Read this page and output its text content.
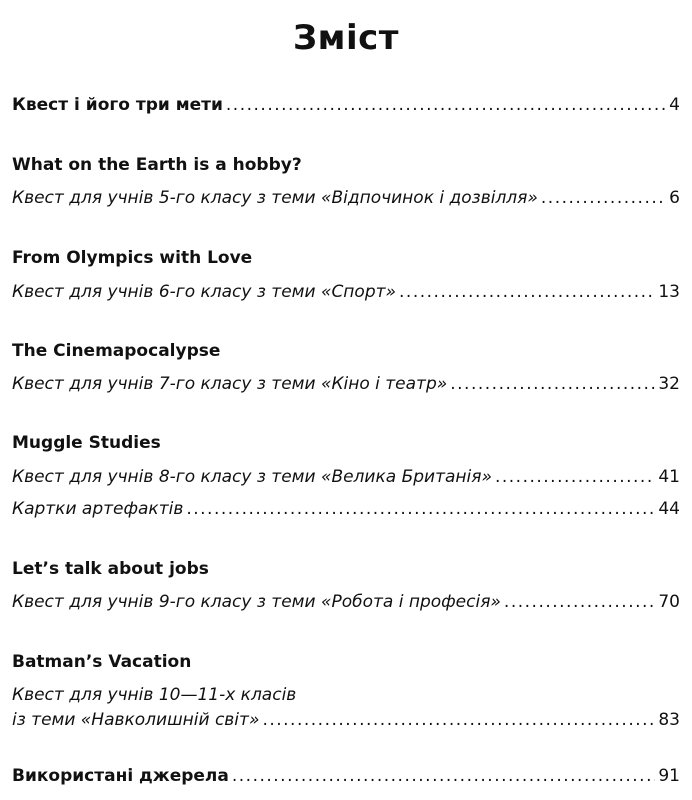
Зміст
Квест і його три мети .....	4
What on the Earth is a hobby?
Квест для учнів 5-го класу з теми «Відпочинок і дозвілля» .....	6
From Olympics with Love
Квест для учнів 6-го класу з теми «Спорт» .....	13
The Cinemapocalypse
Квест для учнів 7-го класу з теми «Кіно і театр» .....	32
Muggle Studies
Квест для учнів 8-го класу з теми «Велика Британія» .....	41
Картки артефактів .....	44
Let’s talk about jobs
Квест для учнів 9-го класу з теми «Робота і професія» .....	70
Batman’s Vacation
Квест для учнів 10—11-х класів
із теми «Навколишній світ» .....	83
Використані джерела .....	91
